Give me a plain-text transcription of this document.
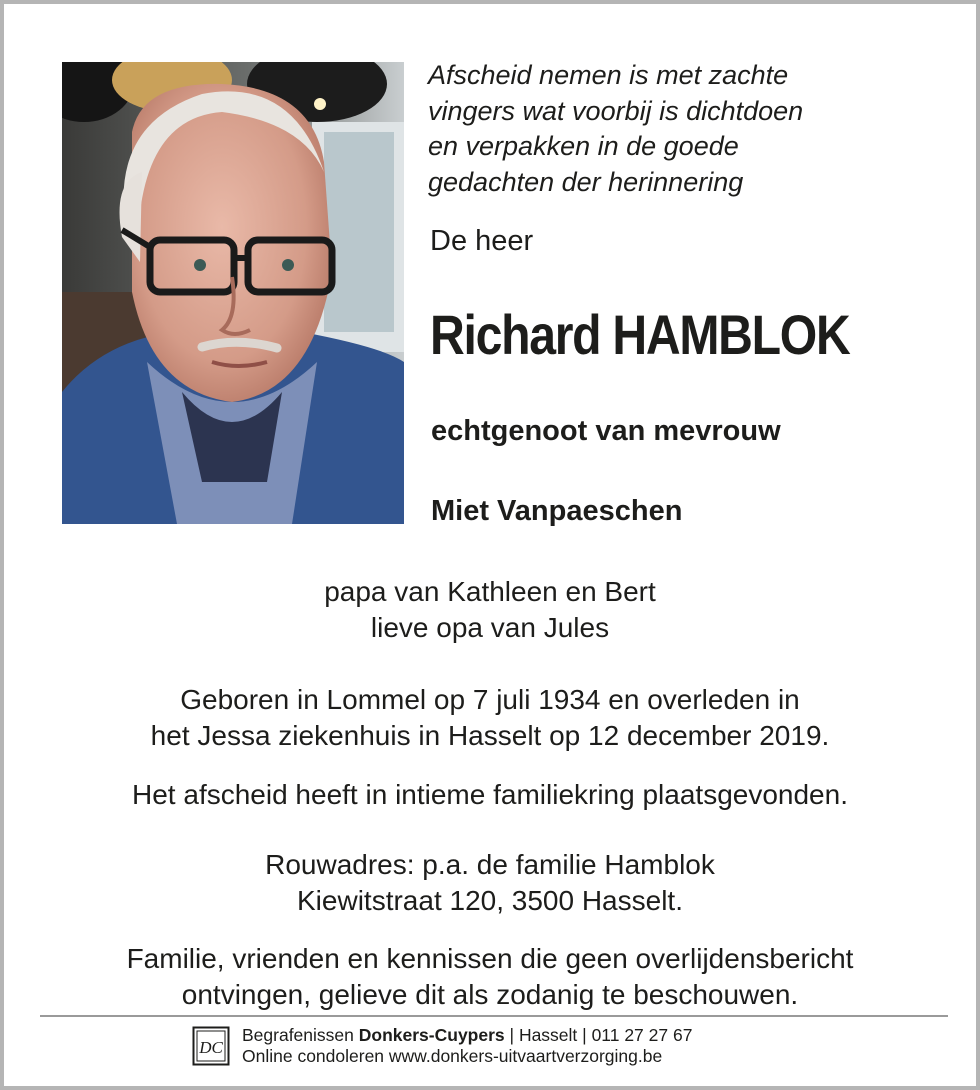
Afscheid nemen is met zachte
vingers wat voorbij is dichtdoen
en verpakken in de goede
gedachten der herinnering
De heer
Richard HAMBLOK
echtgenoot van mevrouw
Miet Vanpaeschen
papa van Kathleen en Bert
lieve opa van Jules
Geboren in Lommel op 7 juli 1934 en overleden in
het Jessa ziekenhuis in Hasselt op 12 december 2019.
Het afscheid heeft in intieme familiekring plaatsgevonden.
Rouwadres: p.a. de familie Hamblok
Kiewitstraat 120, 3500 Hasselt.
Familie, vrienden en kennissen die geen overlijdensbericht
ontvingen, gelieve dit als zodanig te beschouwen.
DC
Begrafenissen Donkers-Cuypers | Hasselt | 011 27 27 67
Online condoleren www.donkers-uitvaartverzorging.be
